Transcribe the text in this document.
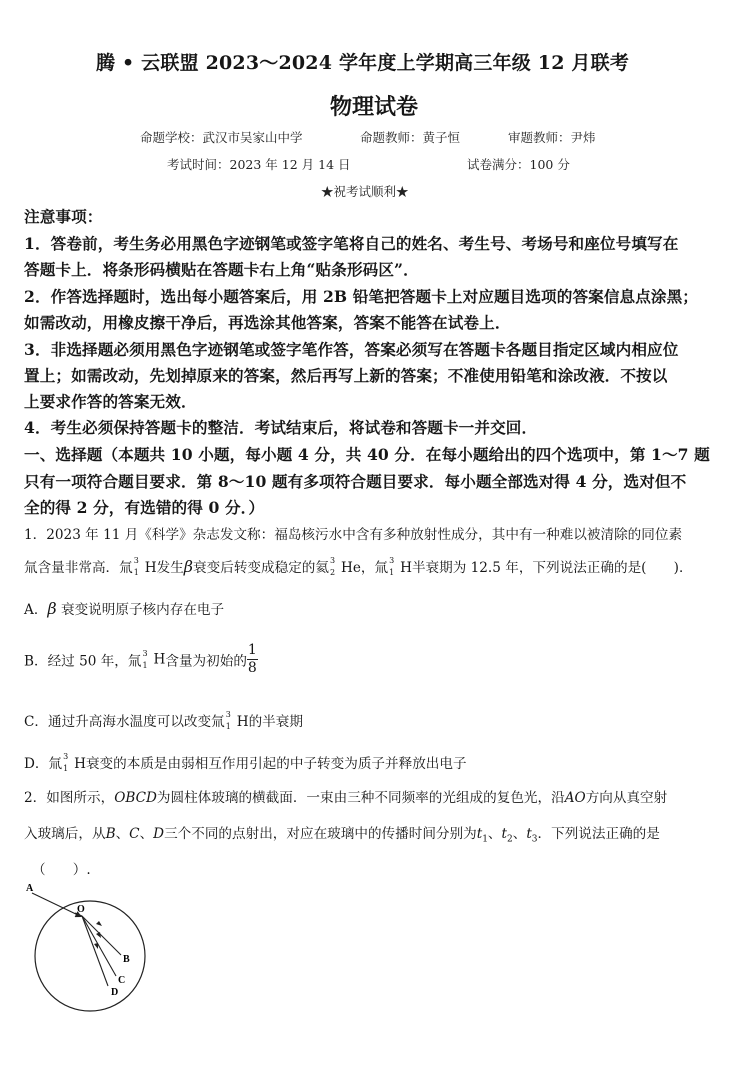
腾 • 云联盟 2023～2024 学年度上学期高三年级 12 月联考
物理试卷
命题学校：武汉市吴家山中学	命题教师：黄子恒	审题教师：尹炜
考试时间：2023 年 12 月 14 日	试卷满分：100 分
★祝考试顺利★
注意事项：
1．答卷前，考生务必用黑色字迹钢笔或签字笔将自己的姓名、考生号、考场号和座位号填写在
答题卡上．将条形码横贴在答题卡右上角“贴条形码区”．
2．作答选择题时，选出每小题答案后，用 2B 铅笔把答题卡上对应题目选项的答案信息点涂黑；
如需改动，用橡皮擦干净后，再选涂其他答案，答案不能答在试卷上．
3．非选择题必须用黑色字迹钢笔或签字笔作答，答案必须写在答题卡各题目指定区域内相应位
置上；如需改动，先划掉原来的答案，然后再写上新的答案；不准使用铅笔和涂改液．不按以
上要求作答的答案无效．
4．考生必须保持答题卡的整洁．考试结束后，将试卷和答题卡一并交回．
一、选择题（本题共 10 小题，每小题 4 分，共 40 分．在每小题给出的四个选项中，第 1～7 题
只有一项符合题目要求．第 8～10 题有多项符合题目要求．每小题全部选对得 4 分，选对但不
全的得 2 分，有选错的得 0 分．）
1．2023 年 11 月《科学》杂志发文称：福岛核污水中含有多种放射性成分，其中有一种难以被清除的同位素
氚含量非常高．氚 3
1 H发生β衰变后转变成稳定的氦 3
2 He，氚 3
1 H半衰期为 12.5 年，下列说法正确的是(　　)．
A．β 衰变说明原子核内存在电子
B．经过 50 年，氚
3
1 H含量为初始的 $\frac{1}{8}$
C．通过升高海水温度可以改变氚 3
1 H的半衰期
D．氚 3
1 H衰变的本质是由弱相互作用引起的中子转变为质子并释放出电子
2．如图所示，OBCD为圆柱体玻璃的横截面．一束由三种不同频率的光组成的复色光，沿AO方向从真空射
入玻璃后，从B、C、D三个不同的点射出，对应在玻璃中的传播时间分别为$t_1$、$t_2$、$t_3$．下列说法正确的是
（　　）.
A
O
B
C
D
